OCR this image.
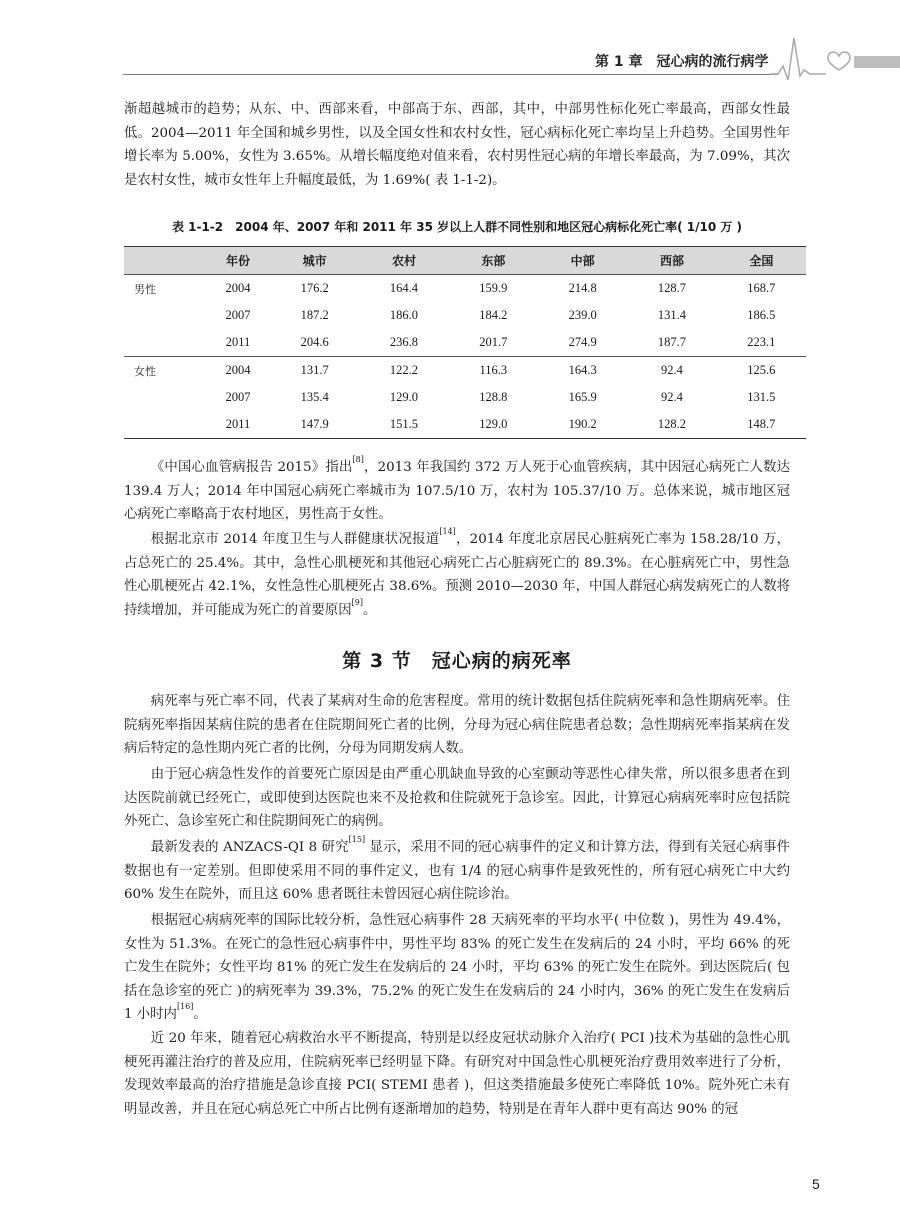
第 1 章　冠心病的流行病学

渐超越城市的趋势；从东、中、西部来看，中部高于东、西部，其中，中部男性标化死亡率最高，西部女性最低。2004—2011 年全国和城乡男性，以及全国女性和农村女性，冠心病标化死亡率均呈上升趋势。全国男性年增长率为 5.00%，女性为 3.65%。从增长幅度绝对值来看，农村男性冠心病的年增长率最高，为 7.09%，其次是农村女性，城市女性年上升幅度最低，为 1.69%( 表 1-1-2)。

表 1-1-2　2004 年、2007 年和 2011 年 35 岁以上人群不同性别和地区冠心病标化死亡率( 1/10 万 )
	年份	城市	农村	东部	中部	西部	全国
男性	2004	176.2	164.4	159.9	214.8	128.7	168.7
	2007	187.2	186.0	184.2	239.0	131.4	186.5
	2011	204.6	236.8	201.7	274.9	187.7	223.1
女性	2004	131.7	122.2	116.3	164.3	92.4	125.6
	2007	135.4	129.0	128.8	165.9	92.4	131.5
	2011	147.9	151.5	129.0	190.2	128.2	148.7

《中国心血管病报告 2015》指出[8]，2013 年我国约 372 万人死于心血管疾病，其中因冠心病死亡人数达 139.4 万人；2014 年中国冠心病死亡率城市为 107.5/10 万，农村为 105.37/10 万。总体来说，城市地区冠心病死亡率略高于农村地区，男性高于女性。

根据北京市 2014 年度卫生与人群健康状况报道[14]，2014 年度北京居民心脏病死亡率为 158.28/10 万，占总死亡的 25.4%。其中，急性心肌梗死和其他冠心病死亡占心脏病死亡的 89.3%。在心脏病死亡中，男性急性心肌梗死占 42.1%，女性急性心肌梗死占 38.6%。预测 2010—2030 年，中国人群冠心病发病死亡的人数将持续增加，并可能成为死亡的首要原因[9]。

第 3 节　冠心病的病死率

病死率与死亡率不同，代表了某病对生命的危害程度。常用的统计数据包括住院病死率和急性期病死率。住院病死率指因某病住院的患者在住院期间死亡者的比例，分母为冠心病住院患者总数；急性期病死率指某病在发病后特定的急性期内死亡者的比例，分母为同期发病人数。

由于冠心病急性发作的首要死亡原因是由严重心肌缺血导致的心室颤动等恶性心律失常，所以很多患者在到达医院前就已经死亡，或即使到达医院也来不及抢救和住院就死于急诊室。因此，计算冠心病病死率时应包括院外死亡、急诊室死亡和住院期间死亡的病例。

最新发表的 ANZACS-QI 8 研究[15] 显示，采用不同的冠心病事件的定义和计算方法，得到有关冠心病事件数据也有一定差别。但即使采用不同的事件定义，也有 1/4 的冠心病事件是致死性的，所有冠心病死亡中大约 60% 发生在院外，而且这 60% 患者既往未曾因冠心病住院诊治。

根据冠心病病死率的国际比较分析，急性冠心病事件 28 天病死率的平均水平( 中位数 )，男性为 49.4%，女性为 51.3%。在死亡的急性冠心病事件中，男性平均 83% 的死亡发生在发病后的 24 小时，平均 66% 的死亡发生在院外；女性平均 81% 的死亡发生在发病后的 24 小时，平均 63% 的死亡发生在院外。到达医院后( 包括在急诊室的死亡 )的病死率为 39.3%，75.2% 的死亡发生在发病后的 24 小时内，36% 的死亡发生在发病后 1 小时内[16]。

近 20 年来，随着冠心病救治水平不断提高，特别是以经皮冠状动脉介入治疗( PCI )技术为基础的急性心肌梗死再灌注治疗的普及应用，住院病死率已经明显下降。有研究对中国急性心肌梗死治疗费用效率进行了分析，发现效率最高的治疗措施是急诊直接 PCI( STEMI 患者 )，但这类措施最多使死亡率降低 10%。院外死亡未有明显改善，并且在冠心病总死亡中所占比例有逐渐增加的趋势，特别是在青年人群中更有高达 90% 的冠

5
